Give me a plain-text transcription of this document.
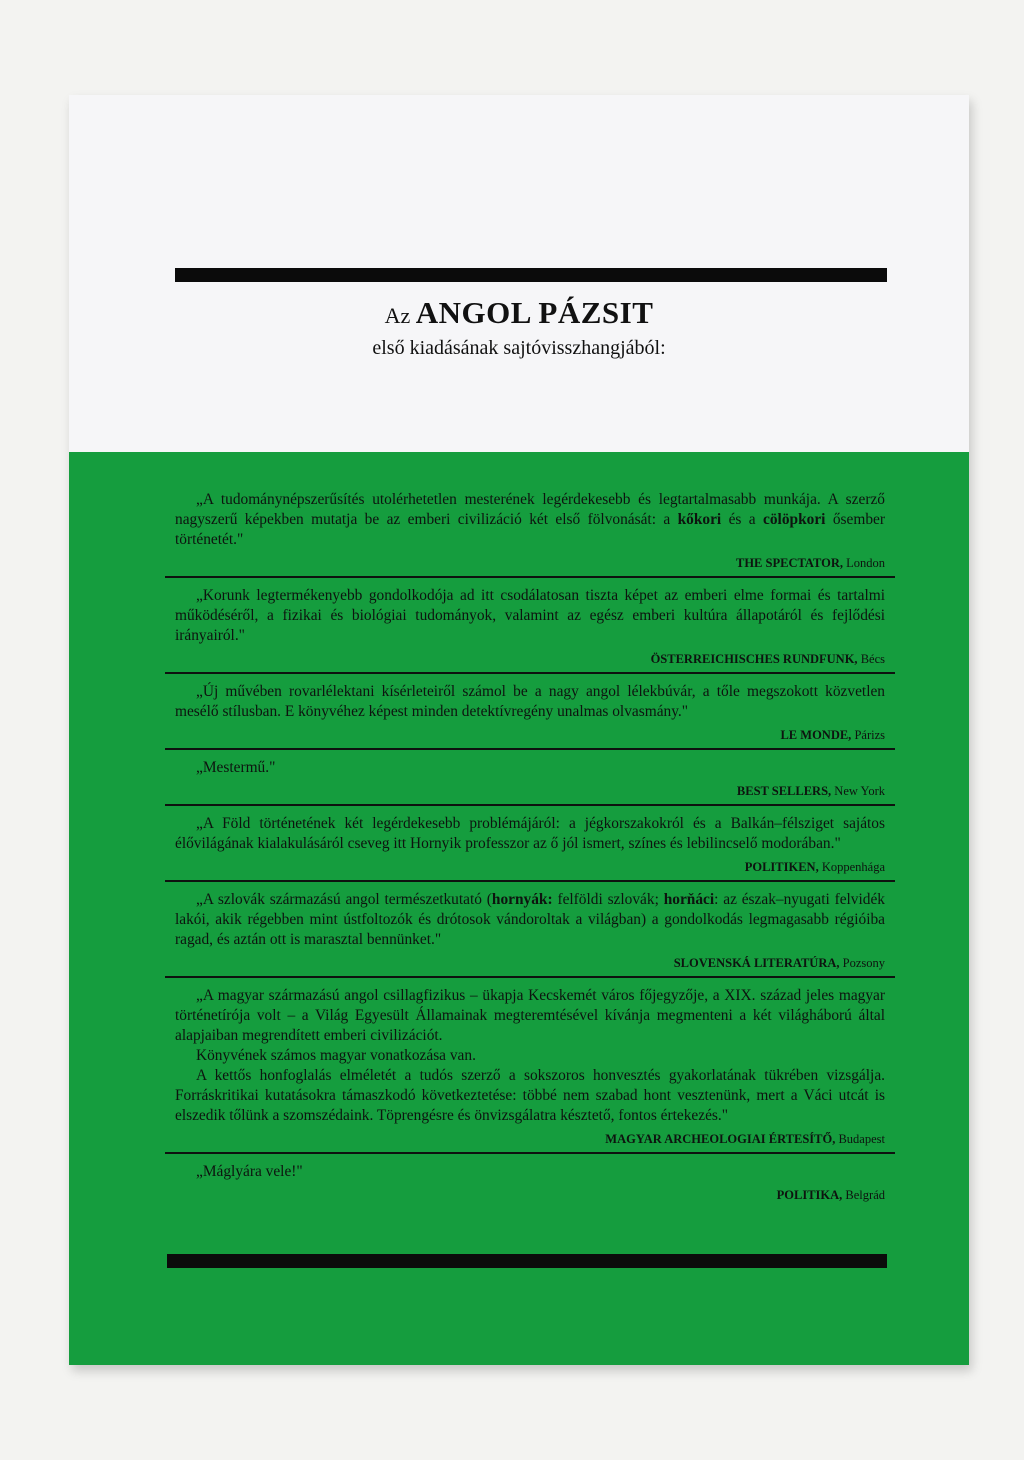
Az ANGOL PÁZSIT
első kiadásának sajtóvisszhangjából:

„A tudománynépszerűsítés utolérhetetlen mesterének legérdekesebb és legtartalmasabb munkája. A szerző nagyszerű képekben mutatja be az emberi civilizáció két első fölvonását: a kőkori és a cölöpkori ősember történetét."

THE SPECTATOR, London

„Korunk legtermékenyebb gondolkodója ad itt csodálatosan tiszta képet az emberi elme formai és tartalmi működéséről, a fizikai és biológiai tudományok, valamint az egész emberi kultúra állapotáról és fejlődési irányairól."

ÖSTERREICHISCHES RUNDFUNK, Bécs

„Új művében rovarlélektani kísérleteiről számol be a nagy angol lélekbúvár, a tőle megszokott közvetlen mesélő stílusban. E könyvéhez képest minden detektívregény unalmas olvasmány."

LE MONDE, Párizs

„Mestermű."

BEST SELLERS, New York

„A Föld történetének két legérdekesebb problémájáról: a jégkorszakokról és a Balkán–félsziget sajátos élővilágának kialakulásáról cseveg itt Hornyik professzor az ő jól ismert, színes és lebilincselő modorában."

POLITIKEN, Koppenhága

„A szlovák származású angol természetkutató (hornyák: felföldi szlovák; horňáci: az észak–nyugati felvidék lakói, akik régebben mint ústfoltozók és drótosok vándoroltak a világban) a gondolkodás legmagasabb régióiba ragad, és aztán ott is marasztal bennünket."

SLOVENSKÁ LITERATÚRA, Pozsony

„A magyar származású angol csillagfizikus – ükapja Kecskemét város főjegyzője, a XIX. század jeles magyar történetírója volt – a Világ Egyesült Államainak megteremtésével kívánja megmenteni a két világháború által alapjaiban megrendített emberi civilizációt.

Könyvének számos magyar vonatkozása van.

A kettős honfoglalás elméletét a tudós szerző a sokszoros honvesztés gyakorlatának tükrében vizsgálja. Forráskritikai kutatásokra támaszkodó következtetése: többé nem szabad hont vesztenünk, mert a Váci utcát is elszedik tőlünk a szomszédaink. Töprengésre és önvizsgálatra késztető, fontos értekezés."

MAGYAR ARCHEOLOGIAI ÉRTESÍTŐ, Budapest

„Máglyára vele!"

POLITIKA, Belgrád
